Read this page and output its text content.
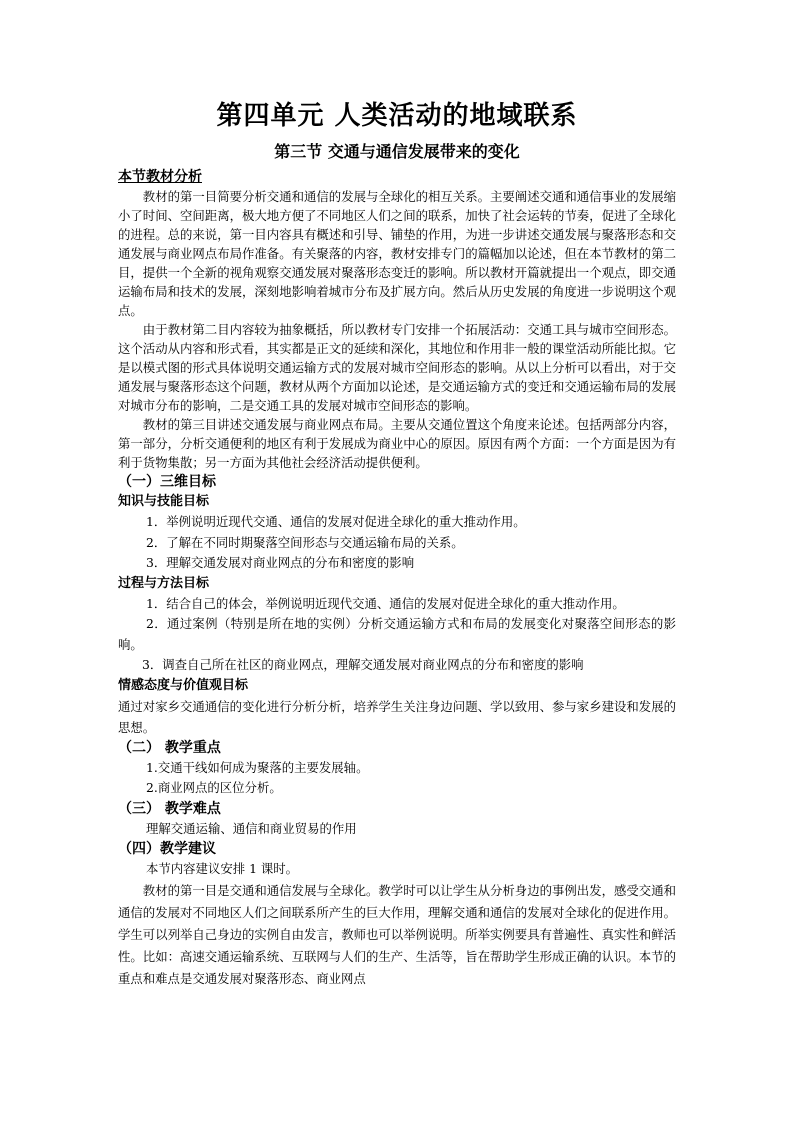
第四单元 人类活动的地域联系
第三节 交通与通信发展带来的变化
本节教材分析

教材的第一目简要分析交通和通信的发展与全球化的相互关系。主要阐述交通和通信事业的发展缩小了时间、空间距离，极大地方便了不同地区人们之间的联系，加快了社会运转的节奏，促进了全球化的进程。总的来说，第一目内容具有概述和引导、铺垫的作用，为进一步讲述交通发展与聚落形态和交通发展与商业网点布局作准备。有关聚落的内容，教材安排专门的篇幅加以论述，但在本节教材的第二目，提供一个全新的视角观察交通发展对聚落形态变迁的影响。所以教材开篇就提出一个观点，即交通运输布局和技术的发展，深刻地影响着城市分布及扩展方向。然后从历史发展的角度进一步说明这个观点。

由于教材第二目内容较为抽象概括，所以教材专门安排一个拓展活动：交通工具与城市空间形态。这个活动从内容和形式看，其实都是正文的延续和深化，其地位和作用非一般的课堂活动所能比拟。它是以模式图的形式具体说明交通运输方式的发展对城市空间形态的影响。从以上分析可以看出，对于交通发展与聚落形态这个问题，教材从两个方面加以论述，是交通运输方式的变迁和交通运输布局的发展对城市分布的影响，二是交通工具的发展对城市空间形态的影响。

教材的第三目讲述交通发展与商业网点布局。主要从交通位置这个角度来论述。包括两部分内容，第一部分，分析交通便利的地区有利于发展成为商业中心的原因。原因有两个方面：一个方面是因为有利于货物集散；另一方面为其他社会经济活动提供便利。

（一）三维目标
知识与技能目标

1．举例说明近现代交通、通信的发展对促进全球化的重大推动作用。

2．了解在不同时期聚落空间形态与交通运输布局的关系。

3．理解交通发展对商业网点的分布和密度的影响

过程与方法目标

1．结合自己的体会，举例说明近现代交通、通信的发展对促进全球化的重大推动作用。

2．通过案例（特别是所在地的实例）分析交通运输方式和布局的发展变化对聚落空间形态的影响。

3．调查自己所在社区的商业网点，理解交通发展对商业网点的分布和密度的影响

情感态度与价值观目标

通过对家乡交通通信的变化进行分析分析，培养学生关注身边问题、学以致用、参与家乡建设和发展的思想。

（二） 教学重点

1.交通干线如何成为聚落的主要发展轴。

2.商业网点的区位分析。

（三） 教学难点

理解交通运输、通信和商业贸易的作用

（四）教学建议

本节内容建议安排 1 课时。

教材的第一目是交通和通信发展与全球化。教学时可以让学生从分析身边的事例出发，感受交通和通信的发展对不同地区人们之间联系所产生的巨大作用，理解交通和通信的发展对全球化的促进作用。学生可以列举自己身边的实例自由发言，教师也可以举例说明。所举实例要具有普遍性、真实性和鲜活性。比如：高速交通运输系统、互联网与人们的生产、生活等，旨在帮助学生形成正确的认识。本节的重点和难点是交通发展对聚落形态、商业网点
